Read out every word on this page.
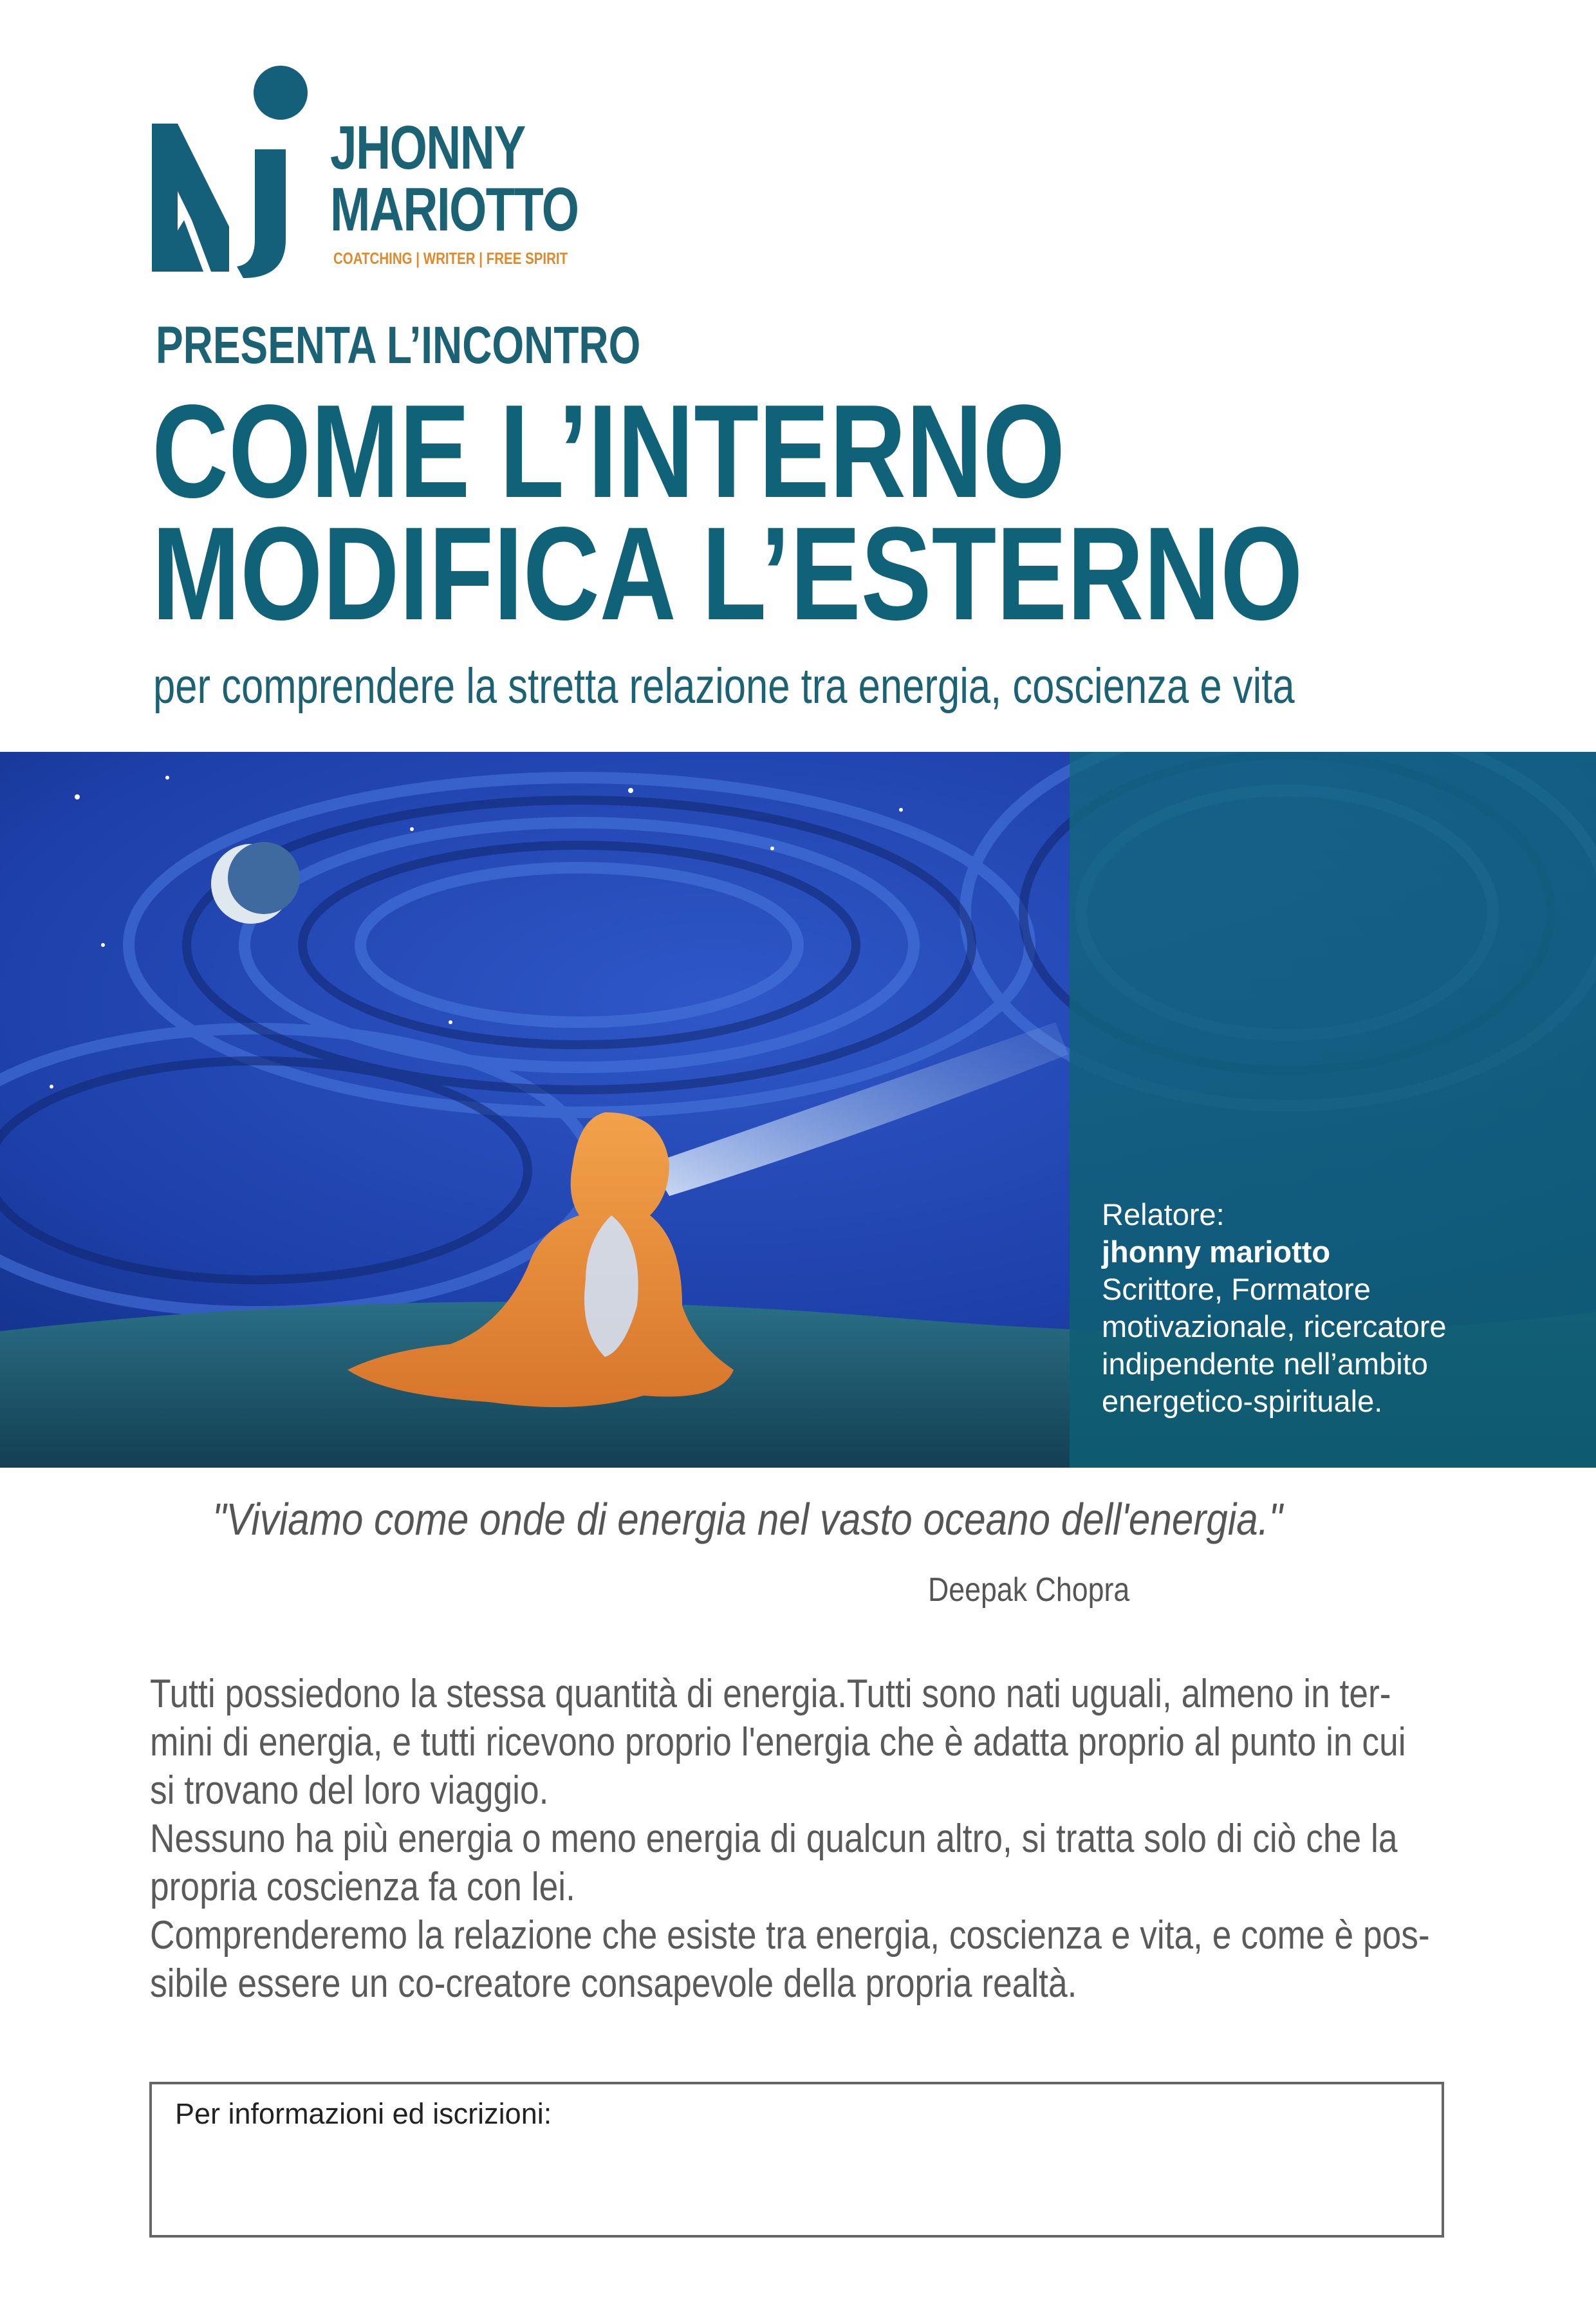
JHONNY
MARIOTTO
COATCHING | WRITER | FREE SPIRIT
PRESENTA L’INCONTRO
COME L’INTERNO
MODIFICA L’ESTERNO
per comprendere la stretta relazione tra energia, coscienza e vita
Relatore:
jhonny mariotto
Scrittore, Formatore
motivazionale, ricercatore
indipendente nell’ambito
energetico-spirituale.
"Viviamo come onde di energia nel vasto oceano dell'energia."
Deepak Chopra
Tutti possiedono la stessa quantità di energia.Tutti sono nati uguali, almeno in ter-
mini di energia, e tutti ricevono proprio l'energia che è adatta proprio al punto in cui
si trovano del loro viaggio.
Nessuno ha più energia o meno energia di qualcun altro, si tratta solo di ciò che la
propria coscienza fa con lei.
Comprenderemo la relazione che esiste tra energia, coscienza e vita, e come è pos-
sibile essere un co-creatore consapevole della propria realtà.
Per informazioni ed iscrizioni:
